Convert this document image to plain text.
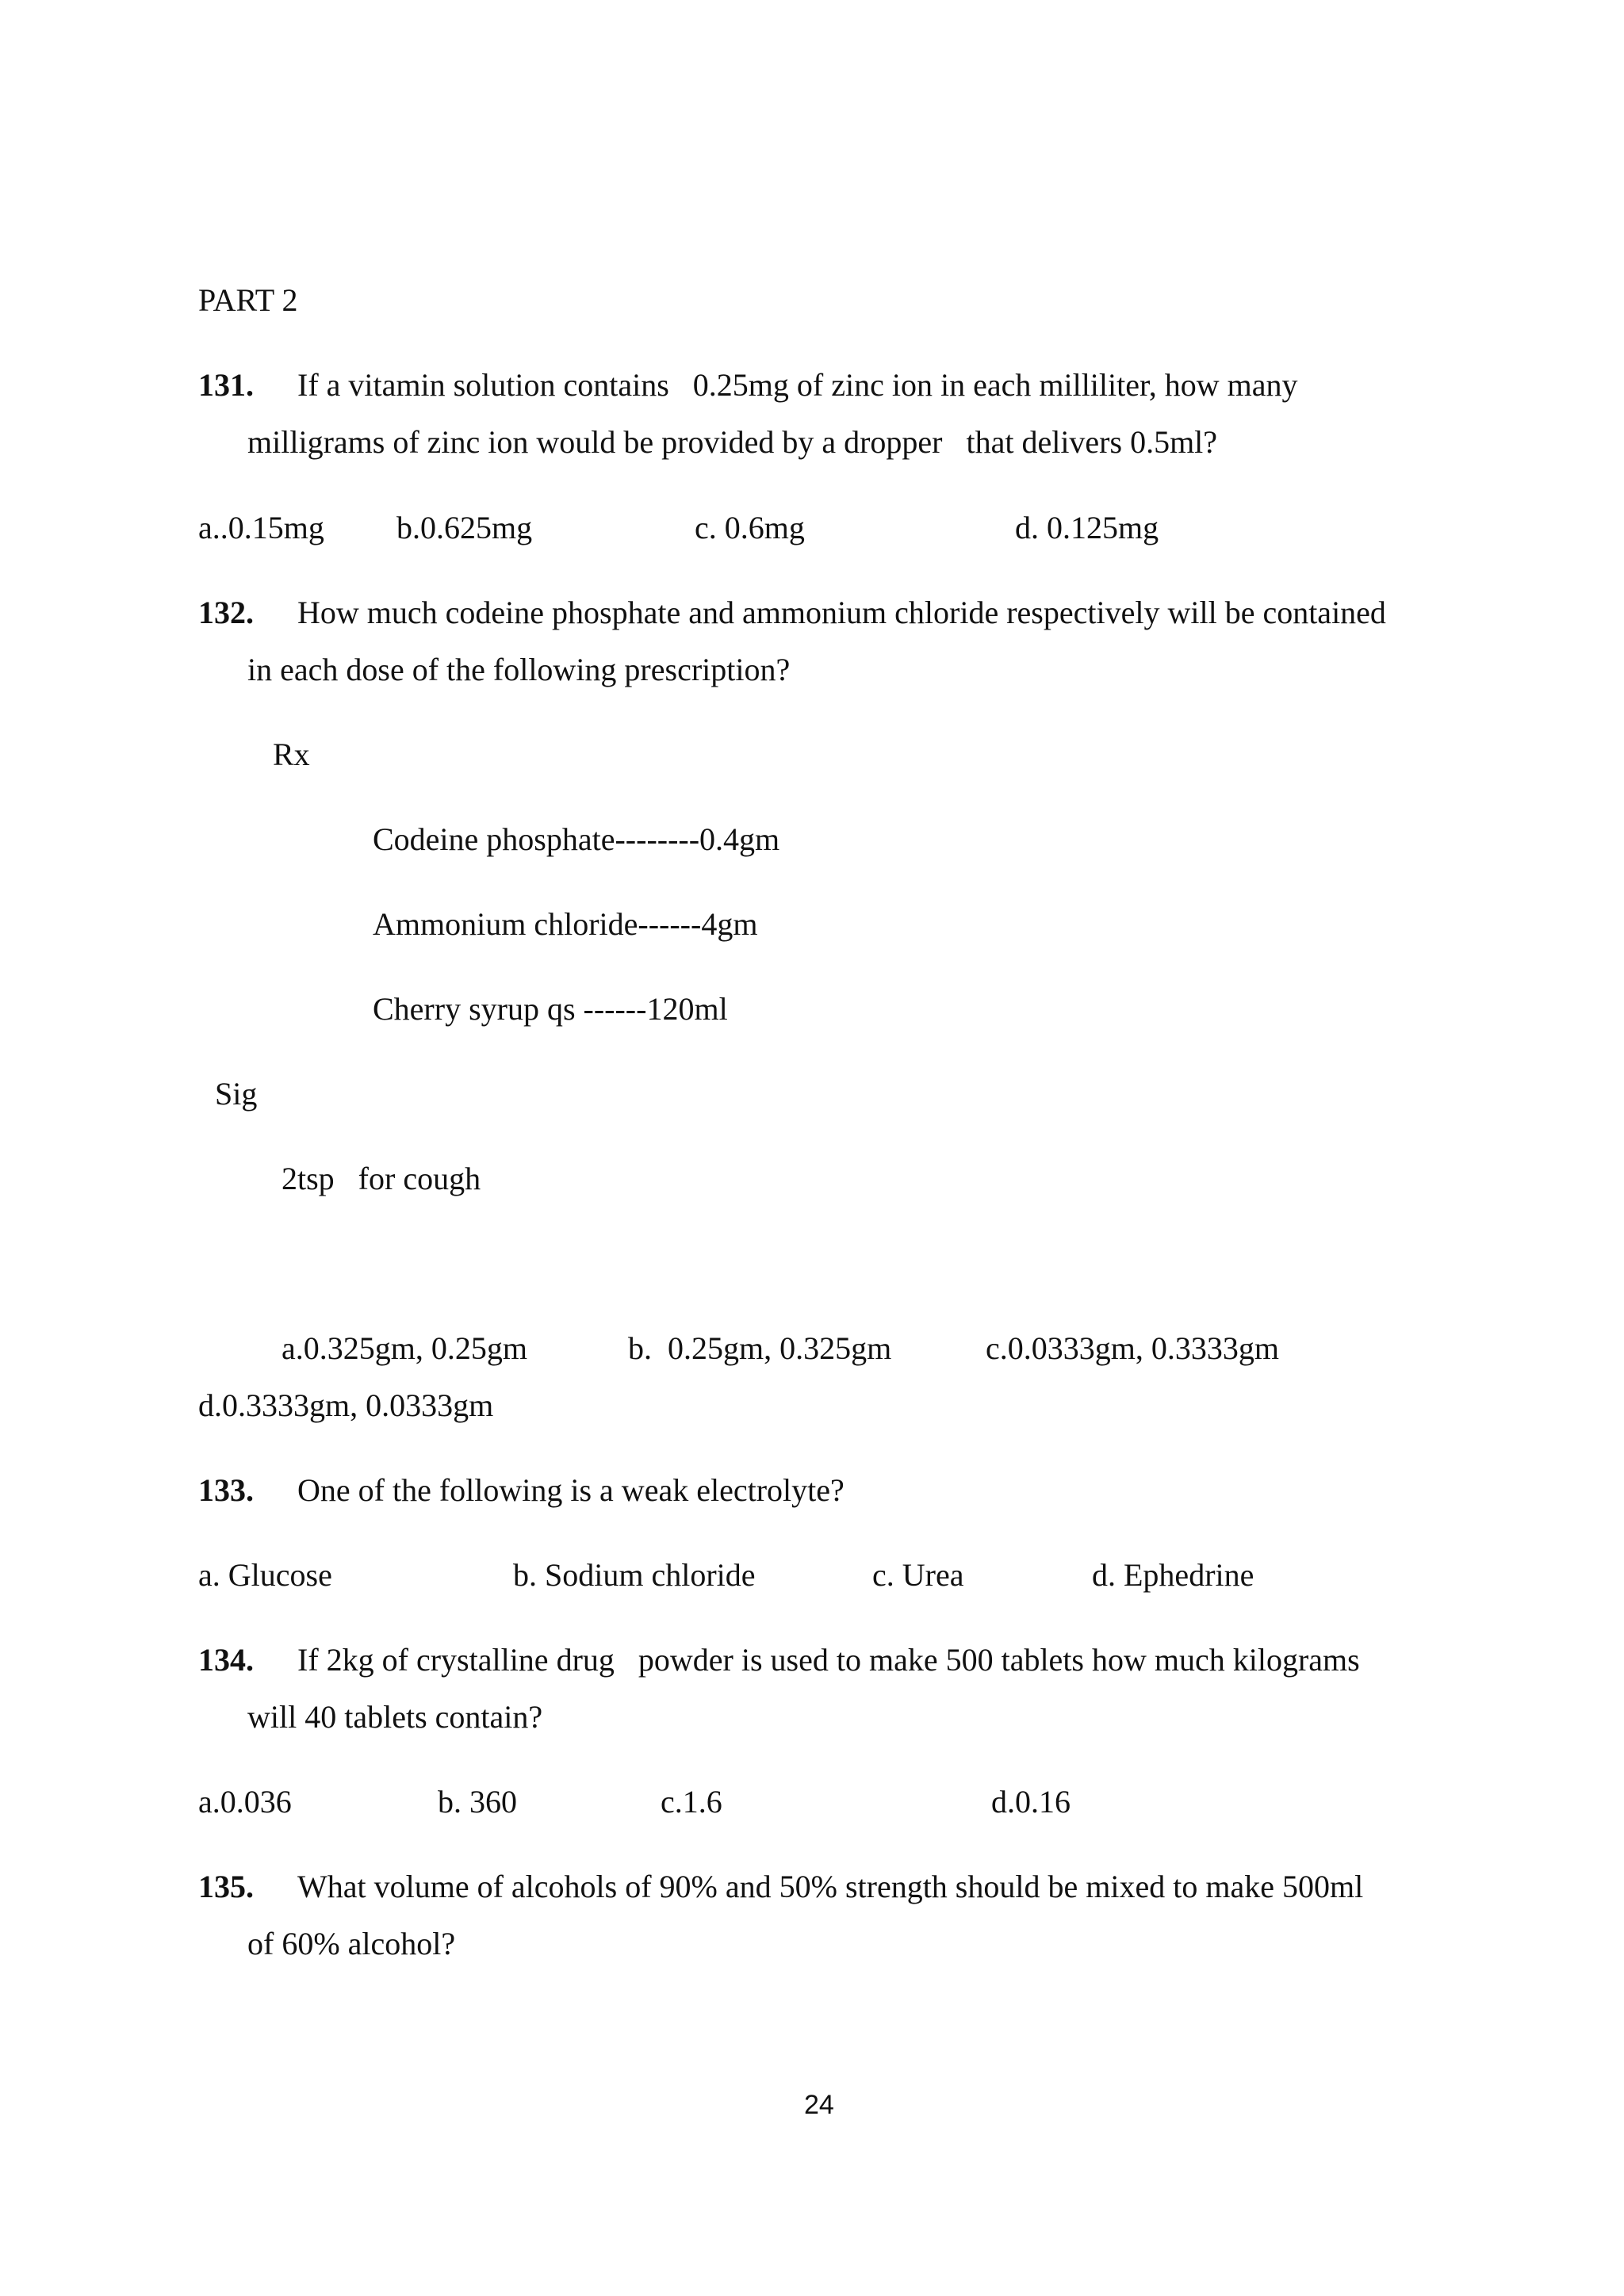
PART 2
131. If a vitamin solution contains   0.25mg of zinc ion in each milliliter, how many
milligrams of zinc ion would be provided by a dropper   that delivers 0.5ml?
a..0.15mg b.0.625mg	c. 0.6mg	d. 0.125mg
132. How much codeine phosphate and ammonium chloride respectively will be contained
in each dose of the following prescription?
Rx
Codeine phosphate--------0.4gm
Ammonium chloride------4gm
Cherry syrup qs ------120ml
Sig
2tsp   for cough
a.0.325gm, 0.25gm	b.  0.25gm, 0.325gm	c.0.0333gm, 0.3333gm
d.0.3333gm, 0.0333gm
133. One of the following is a weak electrolyte?
a. Glucose	b. Sodium chloride	c. Urea	d. Ephedrine
134. If 2kg of crystalline drug   powder is used to make 500 tablets how much kilograms
will 40 tablets contain?
a.0.036	b. 360	c.1.6	d.0.16
135. What volume of alcohols of 90% and 50% strength should be mixed to make 500ml
of 60% alcohol?
24
